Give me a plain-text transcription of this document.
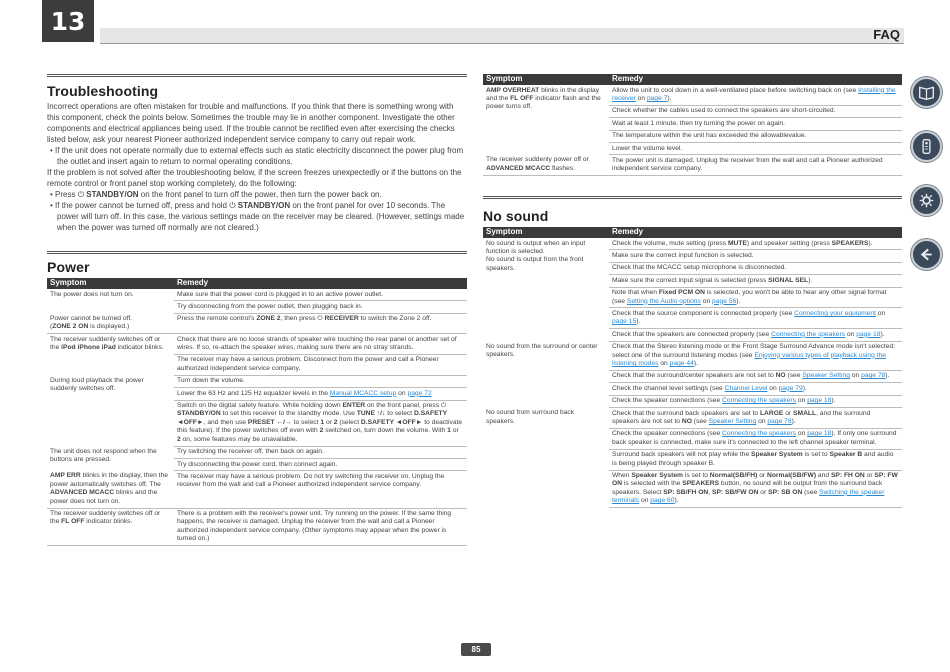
13	FAQ
Troubleshooting

Incorrect operations are often mistaken for trouble and malfunctions. If you think that there is something wrong with this component, check the points below. Sometimes the trouble may lie in another component. Investigate the other components and electrical appliances being used. If the trouble cannot be rectified even after exercising the checks listed below, ask your nearest Pioneer authorized independent service company to carry out repair work.

• If the unit does not operate normally due to external effects such as static electricity disconnect the power plug from the outlet and insert again to return to normal operating conditions.

If the problem is not solved after the troubleshooting below, if the screen freezes unexpectedly or if the buttons on the remote control or front panel stop working completely, do the following:

• Press ⏻ STANDBY/ON on the front panel to turn off the power, then turn the power back on.

• If the power cannot be turned off, press and hold ⏻ STANDBY/ON on the front panel for over 10 seconds. The power will turn off. In this case, the various settings made on the receiver may be cleared. (However, settings made when the power was turned off normally are not cleared.)

Power
Symptom	Remedy
The power does not turn on.	Make sure that the power cord is plugged in to an active power outlet.
	Try disconnecting from the power outlet, then plugging back in.
Power cannot be turned off.
(ZONE 2 ON is displayed.)	Press the remote control's ZONE 2, then press ⏻ RECEIVER to switch the Zone 2 off.
The receiver suddenly switches off or the iPod iPhone iPad indicator blinks.	Check that there are no loose strands of speaker wire touching the rear panel or another set of wires. If so, re-attach the speaker wires, making sure there are no stray strands.
	The receiver may have a serious problem. Disconnect from the power and call a Pioneer authorized independent service company.
During loud playback the power suddenly switches off.	Turn down the volume.
	Lower the 63 Hz and 125 Hz equalizer levels in the Manual MCACC setup on page 72
	Switch on the digital safety feature. While holding down ENTER on the front panel, press ⏻ STANDBY/ON to set this receiver to the standby mode. Use TUNE ↑/↓ to select D.SAFETY ◄OFF►, and then use PRESET ←/→ to select 1 or 2 (select D.SAFETY ◄OFF► to deactivate this feature). If the power switches off even with 2 switched on, turn down the volume. With 1 or 2 on, some features may be unavailable.
The unit does not respond when the buttons are pressed.	Try switching the receiver off, then back on again.
	Try disconnecting the power cord, then connect again.
AMP ERR blinks in the display, then the power automatically switches off. The ADVANCED MCACC blinks and the power does not turn on.	The receiver may have a serious problem. Do not try switching the receiver on. Unplug the receiver from the wall and call a Pioneer authorized independent service company.
The receiver suddenly switches off or the FL OFF indicator blinks.	There is a problem with the receiver's power unit. Try running on the power. If the same thing happens, the receiver is damaged. Unplug the receiver from the wall and call a Pioneer authorized independent service company. (Other symptoms may appear when the power is turned on.)
Symptom	Remedy
AMP OVERHEAT blinks in the display and the FL OFF indicator flash and the power turns off.	Allow the unit to cool down in a well-ventilated place before switching back on (see Installing the receiver on page 7).
	Check whether the cables used to connect the speakers are short-circuited.
	Wait at least 1 minute, then try turning the power on again.
	The temperature within the unit has exceeded the allowablevalue.
	Lower the volume level.
The receiver suddenly power off or ADVANCED MCACC flashes.	The power unit is damaged. Unplug the receiver from the wall and call a Pioneer authorized independent service company.
No sound
Symptom	Remedy
No sound is output when an input function is selected.
No sound is output from the front speakers.	Check the volume, mute setting (press MUTE) and speaker setting (press SPEAKERS).
	Make sure the correct input function is selected.
	Check that the MCACC setup microphone is disconnected.
	Make sure the correct input signal is selected (press SIGNAL SEL).
	Note that when Fixed PCM ON is selected, you won't be able to hear any other signal format (see Setting the Audio options on page 56).
	Check that the source component is connected properly (see Connecting your equipment on page 15).
	Check that the speakers are connected properly (see Connecting the speakers on page 18).
No sound from the surround or center speakers.	Check that the Stereo listening mode or the Front Stage Surround Advance mode isn't selected; select one of the surround listening modes (see Enjoying various types of playback using the listening modes on page 44).
	Check that the surround/center speakers are not set to NO (see Speaker Setting on page 78).
	Check the channel level settings (see Channel Level on page 79).
	Check the speaker connections (see Connecting the speakers on page 18).
No sound from surround back speakers.	Check that the surround back speakers are set to LARGE or SMALL, and the surround speakers are not set to NO (see Speaker Setting on page 78).
	Check the speaker connections (see Connecting the speakers on page 18). If only one surround back speaker is connected, make sure it's connected to the left channel speaker terminal.
	Surround back speakers will not play while the Speaker System is set to Speaker B and audio is being played through speaker B.
	When Speaker System is set to Normal(SB/FH) or Normal(SB/FW) and SP: FH ON or SP: FW ON is selected with the SPEAKERS button, no sound will be output from the surround back speakers. Select SP: SB/FH ON, SP: SB/FW ON or SP: SB ON (see Switching the speaker terminals on page 60).
85
